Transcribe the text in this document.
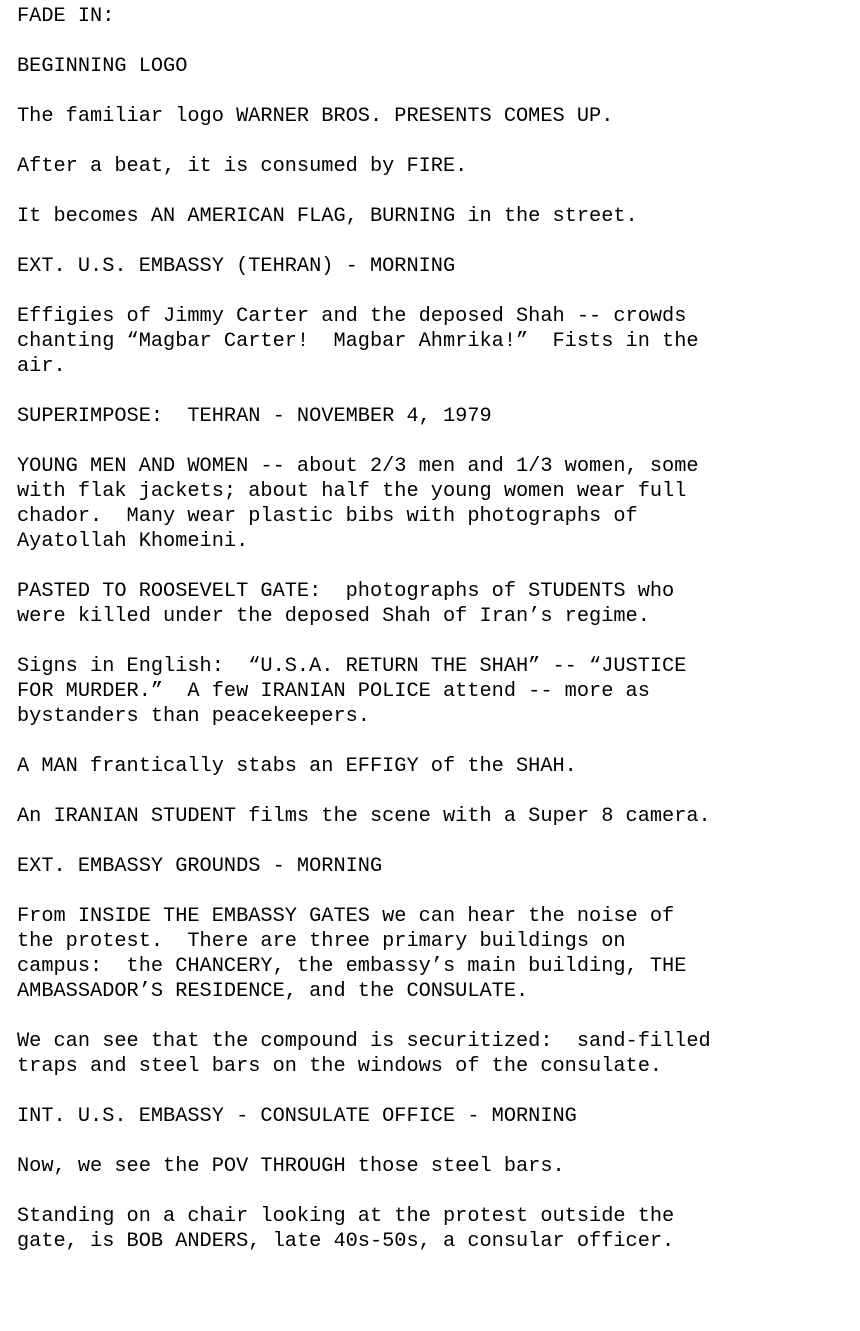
FADE IN:
BEGINNING LOGO
The familiar logo WARNER BROS. PRESENTS COMES UP.
After a beat, it is consumed by FIRE.
It becomes AN AMERICAN FLAG, BURNING in the street.
EXT. U.S. EMBASSY (TEHRAN) - MORNING
Effigies of Jimmy Carter and the deposed Shah -- crowds
chanting “Magbar Carter!  Magbar Ahmrika!”  Fists in the
air.
SUPERIMPOSE:  TEHRAN - NOVEMBER 4, 1979
YOUNG MEN AND WOMEN -- about 2/3 men and 1/3 women, some
with flak jackets; about half the young women wear full
chador.  Many wear plastic bibs with photographs of
Ayatollah Khomeini.
PASTED TO ROOSEVELT GATE:  photographs of STUDENTS who
were killed under the deposed Shah of Iran’s regime.
Signs in English:  “U.S.A. RETURN THE SHAH” -- “JUSTICE
FOR MURDER.”  A few IRANIAN POLICE attend -- more as
bystanders than peacekeepers.
A MAN frantically stabs an EFFIGY of the SHAH.
An IRANIAN STUDENT films the scene with a Super 8 camera.
EXT. EMBASSY GROUNDS - MORNING
From INSIDE THE EMBASSY GATES we can hear the noise of
the protest.  There are three primary buildings on
campus:  the CHANCERY, the embassy’s main building, THE
AMBASSADOR’S RESIDENCE, and the CONSULATE.
We can see that the compound is securitized:  sand-filled
traps and steel bars on the windows of the consulate.
INT. U.S. EMBASSY - CONSULATE OFFICE - MORNING
Now, we see the POV THROUGH those steel bars.
Standing on a chair looking at the protest outside the
gate, is BOB ANDERS, late 40s-50s, a consular officer.
